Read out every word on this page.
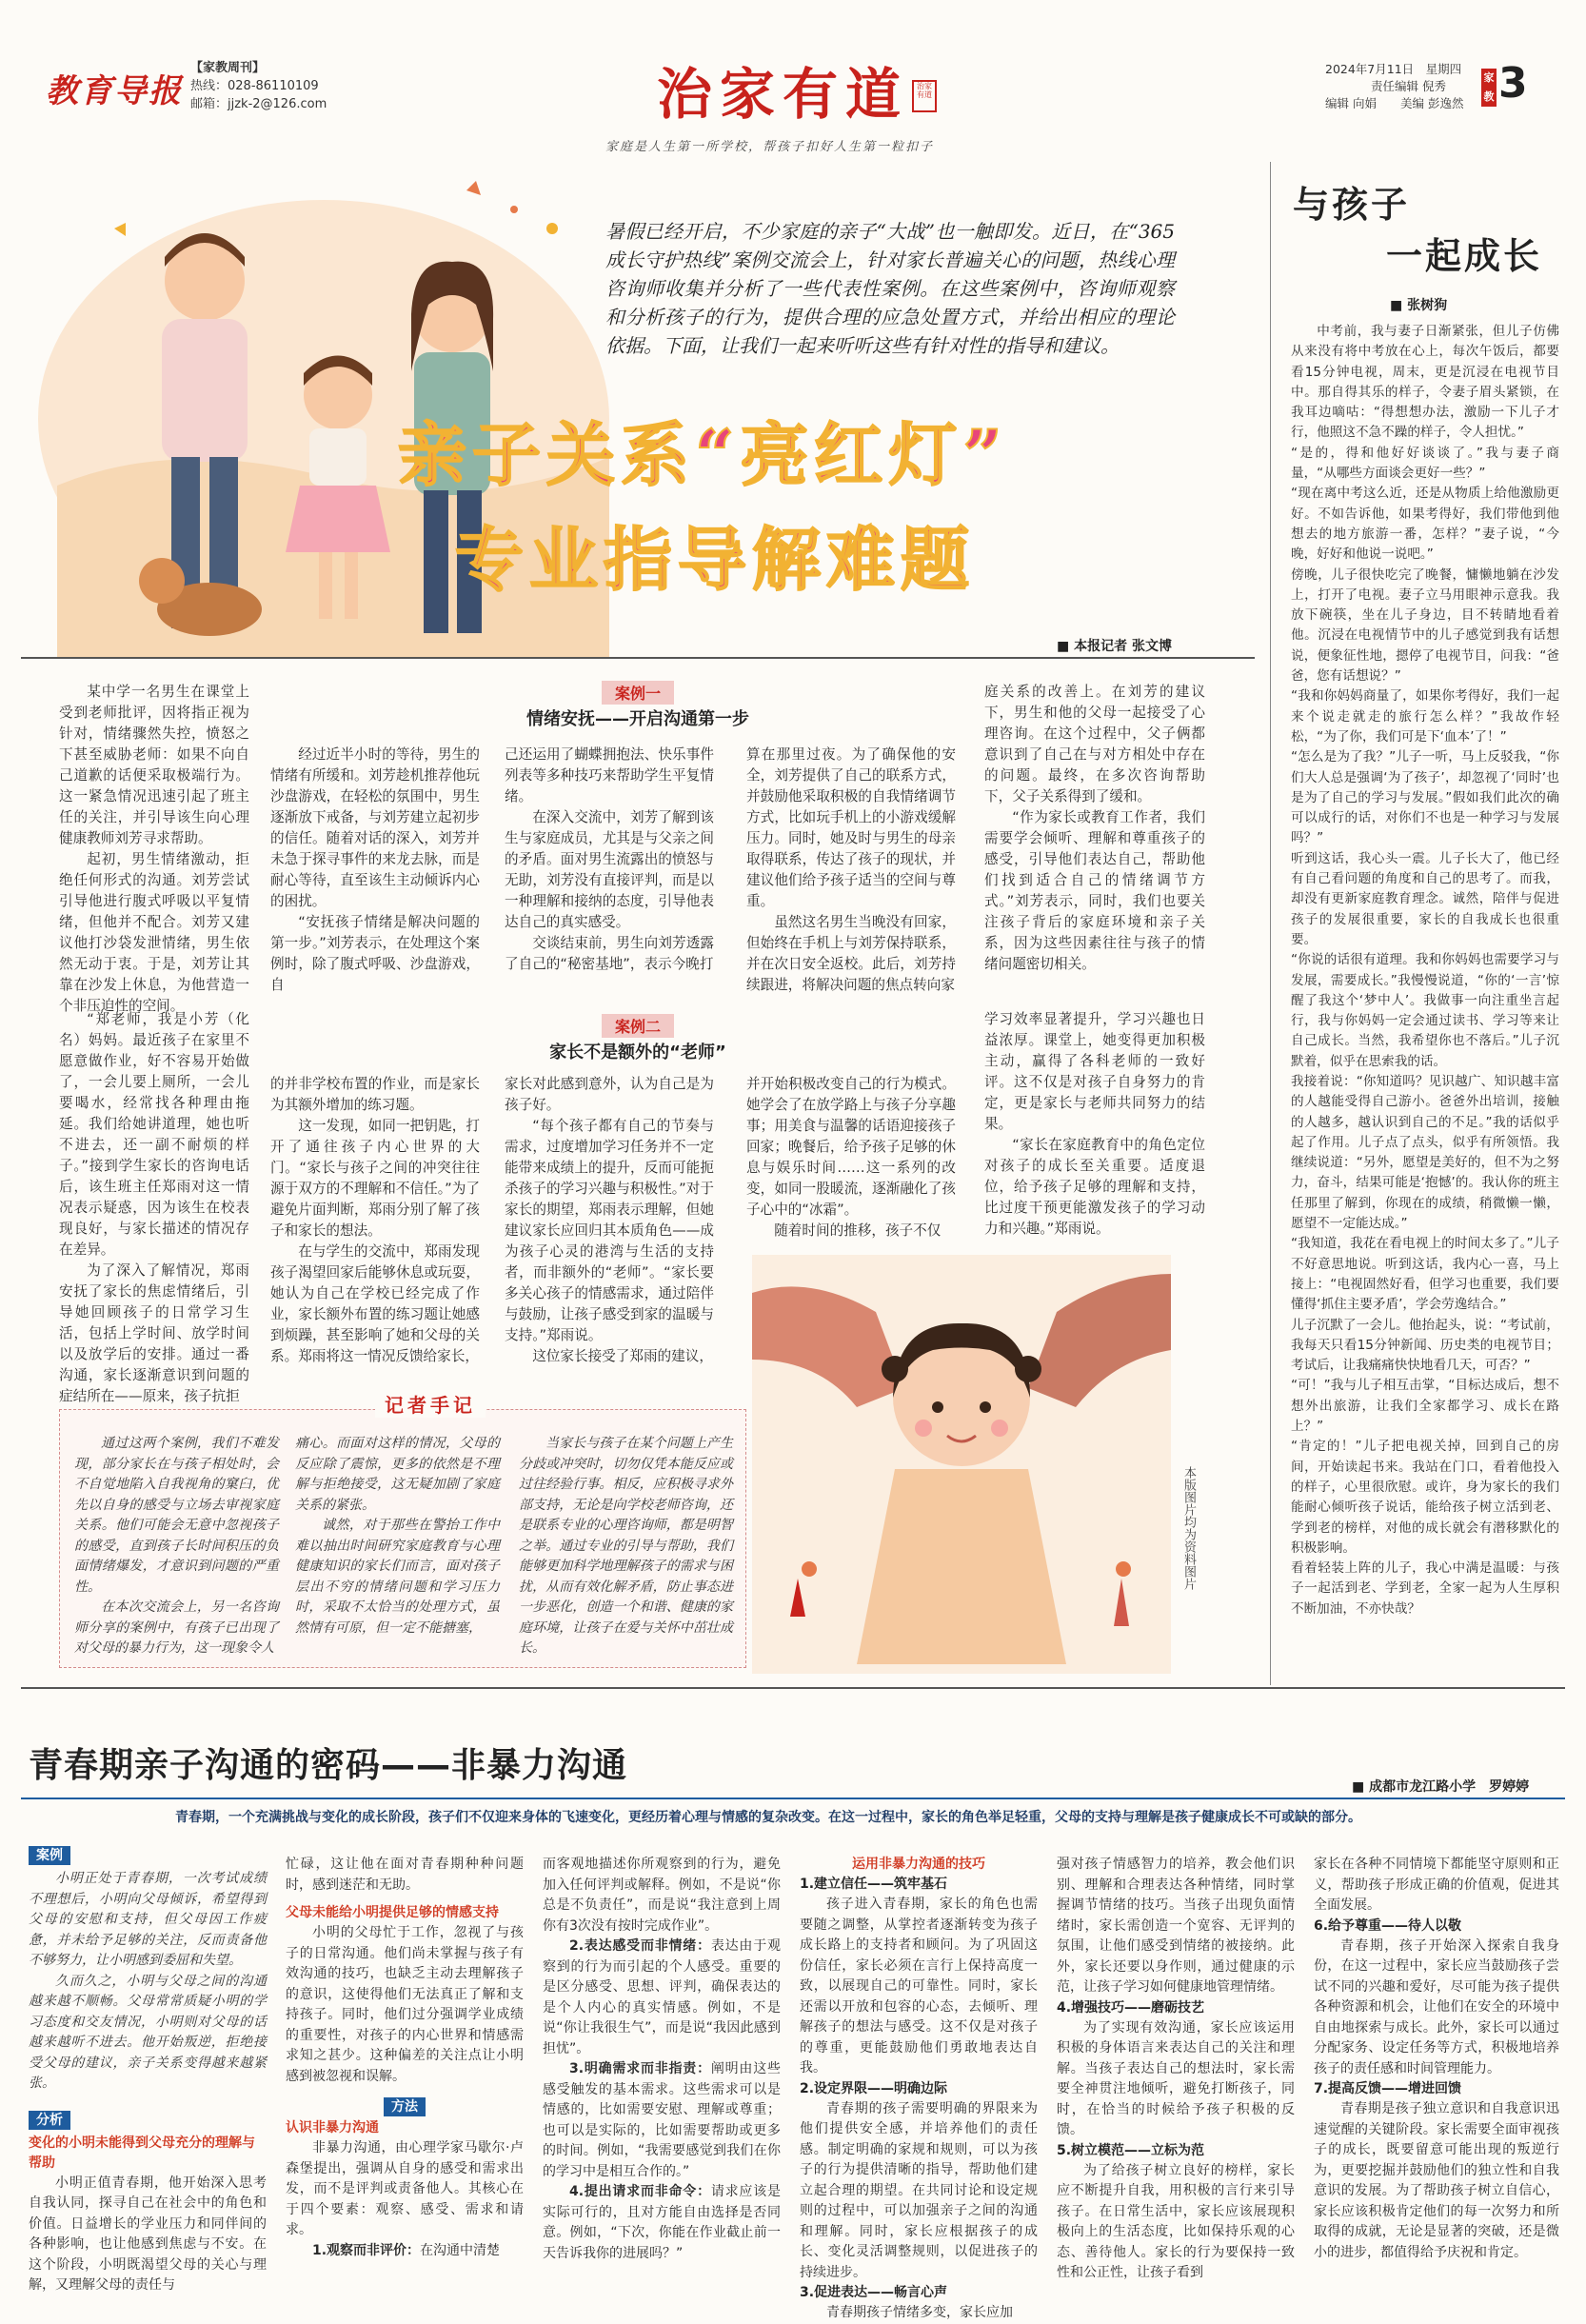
教育导报
【家教周刊】
热线：028-86110109
邮箱：jjzk-2@126.com	治家有道	治家有道
家庭是人生第一所学校，帮孩子扣好人生第一粒扣子
2024年7月11日　星期四
责任编辑 倪秀
编辑 向娟　　美编 彭逸然
家教 3
暑假已经开启，不少家庭的亲子“大战”也一触即发。近日，在“365成长守护热线”案例交流会上，针对家长普遍关心的问题，热线心理咨询师收集并分析了一些代表性案例。在这些案例中，咨询师观察和分析孩子的行为，提供合理的应急处置方式，并给出相应的理论依据。下面，让我们一起来听听这些有针对性的指导和建议。
亲子关系“亮红灯”
专业指导解难题
■ 本报记者 张文博
案例一
情绪安抚——开启沟通第一步
某中学一名男生在课堂上受到老师批评，因将指正视为针对，情绪骤然失控，愤怒之下甚至威胁老师：如果不向自己道歉的话便采取极端行为。这一紧急情况迅速引起了班主任的关注，并引导该生向心理健康教师刘芳寻求帮助。
起初，男生情绪激动，拒绝任何形式的沟通。刘芳尝试引导他进行腹式呼吸以平复情绪，但他并不配合。刘芳又建议他打沙袋发泄情绪，男生依然无动于衷。于是，刘芳让其靠在沙发上休息，为他营造一个非压迫性的空间。
经过近半小时的等待，男生的情绪有所缓和。刘芳趁机推荐他玩沙盘游戏，在轻松的氛围中，男生逐渐放下戒备，与刘芳建立起初步的信任。随着对话的深入，刘芳并未急于探寻事件的来龙去脉，而是耐心等待，直至该生主动倾诉内心的困扰。
“安抚孩子情绪是解决问题的第一步。”刘芳表示，在处理这个案例时，除了腹式呼吸、沙盘游戏，自
己还运用了蝴蝶拥抱法、快乐事件列表等多种技巧来帮助学生平复情绪。
在深入交流中，刘芳了解到该生与家庭成员，尤其是与父亲之间的矛盾。面对男生流露出的愤怒与无助，刘芳没有直接评判，而是以一种理解和接纳的态度，引导他表达自己的真实感受。
交谈结束前，男生向刘芳透露了自己的“秘密基地”，表示今晚打
算在那里过夜。为了确保他的安全，刘芳提供了自己的联系方式，并鼓励他采取积极的自我情绪调节方式，比如玩手机上的小游戏缓解压力。同时，她及时与男生的母亲取得联系，传达了孩子的现状，并建议他们给予孩子适当的空间与尊重。
虽然这名男生当晚没有回家，但始终在手机上与刘芳保持联系，并在次日安全返校。此后，刘芳持续跟进，将解决问题的焦点转向家
庭关系的改善上。在刘芳的建议下，男生和他的父母一起接受了心理咨询。在这个过程中，父子俩都意识到了自己在与对方相处中存在的问题。最终，在多次咨询帮助下，父子关系得到了缓和。
“作为家长或教育工作者，我们需要学会倾听、理解和尊重孩子的感受，引导他们表达自己，帮助他们找到适合自己的情绪调节方式。”刘芳表示，同时，我们也要关注孩子背后的家庭环境和亲子关系，因为这些因素往往与孩子的情绪问题密切相关。
案例二
家长不是额外的“老师”
“郑老师，我是小芳（化名）妈妈。最近孩子在家里不愿意做作业，好不容易开始做了，一会儿要上厕所，一会儿要喝水，经常找各种理由拖延。我们给她讲道理，她也听不进去，还一副不耐烦的样子。”接到学生家长的咨询电话后，该生班主任郑雨对这一情况表示疑惑，因为该生在校表现良好，与家长描述的情况存在差异。
为了深入了解情况，郑雨安抚了家长的焦虑情绪后，引导她回顾孩子的日常学习生活，包括上学时间、放学时间以及放学后的安排。通过一番沟通，家长逐渐意识到问题的症结所在——原来，孩子抗拒
的并非学校布置的作业，而是家长为其额外增加的练习题。
这一发现，如同一把钥匙，打开了通往孩子内心世界的大门。“家长与孩子之间的冲突往往源于双方的不理解和不信任。”为了避免片面判断，郑雨分别了解了孩子和家长的想法。
在与学生的交流中，郑雨发现孩子渴望回家后能够休息或玩耍，她认为自己在学校已经完成了作业，家长额外布置的练习题让她感到烦躁，甚至影响了她和父母的关系。郑雨将这一情况反馈给家长，
家长对此感到意外，认为自己是为孩子好。
“每个孩子都有自己的节奏与需求，过度增加学习任务并不一定能带来成绩上的提升，反而可能扼杀孩子的学习兴趣与积极性。”对于家长的期望，郑雨表示理解，但她建议家长应回归其本质角色——成为孩子心灵的港湾与生活的支持者，而非额外的“老师”。“家长要多关心孩子的情感需求，通过陪伴与鼓励，让孩子感受到家的温暖与支持。”郑雨说。
这位家长接受了郑雨的建议，
并开始积极改变自己的行为模式。她学会了在放学路上与孩子分享趣事；用美食与温馨的话语迎接孩子回家；晚餐后，给予孩子足够的休息与娱乐时间……这一系列的改变，如同一股暖流，逐渐融化了孩子心中的“冰霜”。
随着时间的推移，孩子不仅
学习效率显著提升，学习兴趣也日益浓厚。课堂上，她变得更加积极主动，赢得了各科老师的一致好评。这不仅是对孩子自身努力的肯定，更是家长与老师共同努力的结果。
“家长在家庭教育中的角色定位对孩子的成长至关重要。适度退位，给予孩子足够的理解和支持，比过度干预更能激发孩子的学习动力和兴趣。”郑雨说。
本版图片均为资料图片
记者手记
通过这两个案例，我们不难发现，部分家长在与孩子相处时，会不自觉地陷入自我视角的窠臼，优先以自身的感受与立场去审视家庭关系。他们可能会无意中忽视孩子的感受，直到孩子长时间积压的负面情绪爆发，才意识到问题的严重性。
在本次交流会上，另一名咨询师分享的案例中，有孩子已出现了对父母的暴力行为，这一现象令人
痛心。而面对这样的情况，父母的反应除了震惊，更多的依然是不理解与拒绝接受，这无疑加剧了家庭关系的紧张。
诚然，对于那些在警抬工作中难以抽出时间研究家庭教育与心理健康知识的家长们而言，面对孩子层出不穷的情绪问题和学习压力时，采取不太恰当的处理方式，虽然情有可原，但一定不能搪塞，
当家长与孩子在某个问题上产生分歧或冲突时，切勿仅凭本能反应或过往经验行事。相反，应积极寻求外部支持，无论是向学校老师咨询，还是联系专业的心理咨询师，都是明智之举。通过专业的引导与帮助，我们能够更加科学地理解孩子的需求与困扰，从而有效化解矛盾，防止事态进一步恶化，创造一个和谐、健康的家庭环境，让孩子在爱与关怀中茁壮成长。
与孩子
一起成长
■ 张树狗
中考前，我与妻子日渐紧张，但儿子仿佛从来没有将中考放在心上，每次午饭后，都要看15分钟电视，周末，更是沉浸在电视节目中。那自得其乐的样子，令妻子眉头紧锁，在我耳边嘀咕：“得想想办法，激励一下儿子才行，他照这不急不躁的样子，令人担忧。”
“是的，得和他好好谈谈了。”我与妻子商量，“从哪些方面谈会更好一些？”
“现在离中考这么近，还是从物质上给他激励更好。不如告诉他，如果考得好，我们带他到他想去的地方旅游一番，怎样？”妻子说，“今晚，好好和他说一说吧。”
傍晚，儿子很快吃完了晚餐，慵懒地躺在沙发上，打开了电视。妻子立马用眼神示意我。我放下碗筷，坐在儿子身边，目不转睛地看着他。沉浸在电视情节中的儿子感觉到我有话想说，便象征性地，摁停了电视节目，问我：“爸爸，您有话想说？”
“我和你妈妈商量了，如果你考得好，我们一起来个说走就走的旅行怎么样？”我故作轻松，“为了你，我们可是下‘血本’了！”
“怎么是为了我？”儿子一听，马上反驳我，“你们大人总是强调‘为了孩子’，却忽视了‘同时’也是为了自己的学习与发展。”假如我们此次的确可以成行的话，对你们不也是一种学习与发展吗？”
听到这话，我心头一震。儿子长大了，他已经有自己看问题的角度和自己的思考了。而我，却没有更新家庭教育理念。诚然，陪伴与促进孩子的发展很重要，家长的自我成长也很重要。
“你说的话很有道理。我和你妈妈也需要学习与发展，需要成长。”我慢慢说道，“你的‘一言’惊醒了我这个‘梦中人’。我做事一向注重坐言起行，我与你妈妈一定会通过读书、学习等来让自己成长。当然，我希望你也不落后。”儿子沉默着，似乎在思索我的话。
我接着说：“你知道吗？见识越广、知识越丰富的人越能受得自己游小。爸爸外出培训，接触的人越多，越认识到自己的不足。”我的话似乎起了作用。儿子点了点头，似乎有所领悟。我继续说道：“另外，愿望是美好的，但不为之努力，奋斗，结果可能是‘抱憾’的。我认你的班主任那里了解到，你现在的成绩，稍微懒一懒，愿望不一定能达成。”
“我知道，我花在看电视上的时间太多了。”儿子不好意思地说。听到这话，我内心一喜，马上接上：“电视固然好看，但学习也重要，我们要懂得‘抓住主要矛盾’，学会劳逸结合。”
儿子沉默了一会儿。他抬起头，说：“考试前，我每天只看15分钟新闻、历史类的电视节目；考试后，让我痛痛快快地看几天，可否？”
“可！”我与儿子相互击掌，“目标达成后，想不想外出旅游，让我们全家都学习、成长在路上？”
“肯定的！”儿子把电视关掉，回到自己的房间，开始读起书来。我站在门口，看着他投入的样子，心里很欣慰。或许，身为家长的我们能耐心倾听孩子说话，能给孩子树立活到老、学到老的榜样，对他的成长就会有潜移默化的积极影响。
看着轻装上阵的儿子，我心中满是温暖：与孩子一起活到老、学到老，全家一起为人生厚积不断加油，不亦快哉？
青春期亲子沟通的密码——非暴力沟通
■ 成都市龙江路小学　罗婷婷
青春期，一个充满挑战与变化的成长阶段，孩子们不仅迎来身体的飞速变化，更经历着心理与情感的复杂改变。在这一过程中，家长的角色举足轻重，父母的支持与理解是孩子健康成长不可或缺的部分。
案例
小明正处于青春期，一次考试成绩不理想后，小明向父母倾诉，希望得到父母的安慰和支持，但父母因工作疲惫，并未给予足够的关注，反而责备他不够努力，让小明感到委屈和失望。
久而久之，小明与父母之间的沟通越来越不顺畅。父母常常质疑小明的学习态度和交友情况，小明则对父母的话越来越听不进去。他开始叛逆，拒绝接受父母的建议，亲子关系变得越来越紧张。
分析
变化的小明未能得到父母充分的理解与帮助
小明正值青春期，他开始深入思考自我认同，探寻自己在社会中的角色和价值。日益增长的学业压力和同伴间的各种影响，也让他感到焦虑与不安。在这个阶段，小明既渴望父母的关心与理解，又理解父母的责任与
忙碌，这让他在面对青春期种种问题时，感到迷茫和无助。
父母未能给小明提供足够的情感支持
小明的父母忙于工作，忽视了与孩子的日常沟通。他们尚未掌握与孩子有效沟通的技巧，也缺乏主动去理解孩子的意识，这使得他们无法真正了解和支持孩子。同时，他们过分强调学业成绩的重要性，对孩子的内心世界和情感需求知之甚少。这种偏差的关注点让小明感到被忽视和误解。
方法
认识非暴力沟通
非暴力沟通，由心理学家马歇尔·卢森堡提出，强调从自身的感受和需求出发，而不是评判或责备他人。其核心在于四个要素：观察、感受、需求和请求。
1.观察而非评价：在沟通中清楚
而客观地描述你所观察到的行为，避免加入任何评判或解释。例如，不是说“你总是不负责任”，而是说“我注意到上周你有3次没有按时完成作业”。
2.表达感受而非情绪：表达由于观察到的行为而引起的个人感受。重要的是区分感受、思想、评判，确保表达的是个人内心的真实情感。例如，不是说“你让我很生气”，而是说“我因此感到担忧”。
3.明确需求而非指责：阐明由这些感受触发的基本需求。这些需求可以是情感的，比如需要安慰、理解或尊重；也可以是实际的，比如需要帮助或更多的时间。例如，“我需要感觉到我们在你的学习中是相互合作的。”
4.提出请求而非命令：请求应该是实际可行的，且对方能自由选择是否同意。例如，“下次，你能在作业截止前一天告诉我你的进展吗？”
运用非暴力沟通的技巧
1.建立信任——筑牢基石
孩子进入青春期，家长的角色也需要随之调整，从掌控者逐渐转变为孩子成长路上的支持者和顾问。为了巩固这份信任，家长必须在言行上保持高度一致，以展现自己的可靠性。同时，家长还需以开放和包容的心态，去倾听、理解孩子的想法与感受。这不仅是对孩子的尊重，更能鼓励他们勇敢地表达自我。
2.设定界限——明确边际
青春期的孩子需要明确的界限来为他们提供安全感，并培养他们的责任感。制定明确的家规和规则，可以为孩子的行为提供清晰的指导，帮助他们建立起合理的期望。在共同讨论和设定规则的过程中，可以加强亲子之间的沟通和理解。同时，家长应根据孩子的成长、变化灵活调整规则，以促进孩子的持续进步。
3.促进表达——畅言心声
青春期孩子情绪多变，家长应加
强对孩子情感智力的培养，教会他们识别、理解和合理表达各种情绪，同时掌握调节情绪的技巧。当孩子出现负面情绪时，家长需创造一个宽容、无评判的氛围，让他们感受到情绪的被接纳。此外，家长还要以身作则，通过健康的示范，让孩子学习如何健康地管理情绪。
4.增强技巧——磨砺技艺
为了实现有效沟通，家长应该运用积极的身体语言来表达自己的关注和理解。当孩子表达自己的想法时，家长需要全神贯注地倾听，避免打断孩子，同时，在恰当的时候给予孩子积极的反馈。
5.树立模范——立标为范
为了给孩子树立良好的榜样，家长应不断提升自我，用积极的言行来引导孩子。在日常生活中，家长应该展现积极向上的生活态度，比如保持乐观的心态、善待他人。家长的行为要保持一致性和公正性，让孩子看到
家长在各种不同情境下都能坚守原则和正义，帮助孩子形成正确的价值观，促进其全面发展。
6.给予尊重——待人以敬
青春期，孩子开始深入探索自我身份，在这一过程中，家长应当鼓励孩子尝试不同的兴趣和爱好，尽可能为孩子提供各种资源和机会，让他们在安全的环境中自由地探索与成长。此外，家长可以通过分配家务、设定任务等方式，积极地培养孩子的责任感和时间管理能力。
7.提高反馈——增进回馈
青春期是孩子独立意识和自我意识迅速觉醒的关键阶段。家长需要全面审视孩子的成长，既要留意可能出现的叛逆行为，更要挖掘并鼓励他们的独立性和自我意识的发展。为了帮助孩子树立自信心，家长应该积极肯定他们的每一次努力和所取得的成就，无论是显著的突破，还是微小的进步，都值得给予庆祝和肯定。
